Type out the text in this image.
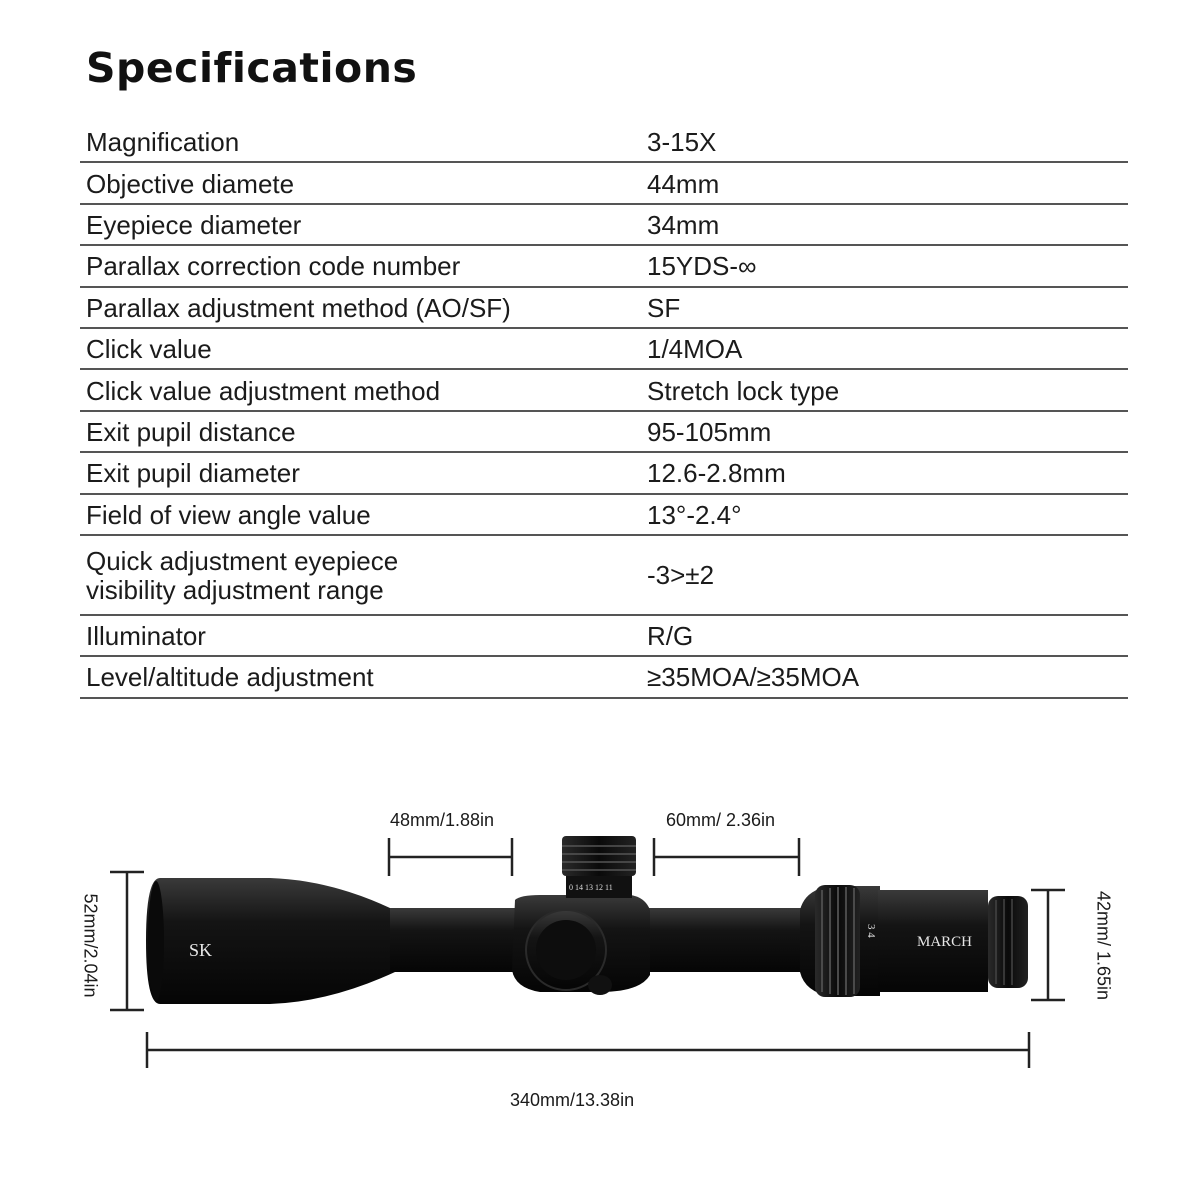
Specifications
Magnification	3-15X
Objective diamete	44mm
Eyepiece diameter	34mm
Parallax correction code number	15YDS-∞
Parallax adjustment method (AO/SF)	SF
Click value	1/4MOA
Click value adjustment method	Stretch lock type
Exit pupil distance	95-105mm
Exit pupil diameter	12.6-2.8mm
Field of view angle value	13°-2.4°
Quick adjustment eyepiece
visibility adjustment range	-3>±2
Illuminator	R/G
Level/altitude adjustment	≥35MOA/≥35MOA
48mm/1.88in	60mm/ 2.36in
340mm/13.38in
52mm/2.04in	42mm/ 1.65in
0 14 13 12 11
3 4
SK	MARCH
